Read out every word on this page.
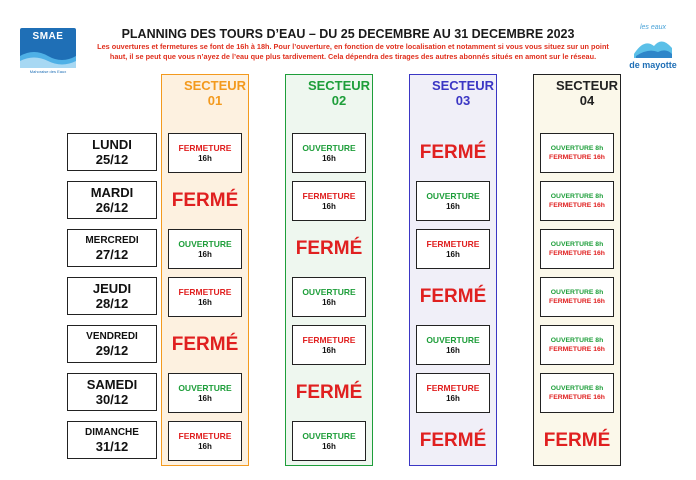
SMAE
Mahoraise des Eaux
les eaux
de mayotte
PLANNING DES TOURS D’EAU – DU 25 DECEMBRE AU 31 DECEMBRE 2023
Les ouvertures et fermetures se font de 16h à 18h. Pour l’ouverture, en fonction de votre localisation et notamment si vous vous situez sur un point haut, il se peut que vous n’ayez de l’eau que plus tardivement. Cela dépendra des tirages des autres abonnés situés en amont sur le réseau.
SECTEUR
01
SECTEUR
02
SECTEUR
03
SECTEUR
04
LUNDI
25/12
MARDI
26/12
MERCREDI
27/12
JEUDI
28/12
VENDREDI
29/12
SAMEDI
30/12
DIMANCHE
31/12
FERMETURE
16h
FERMÉ
OUVERTURE
16h
FERMETURE
16h
FERMÉ
OUVERTURE
16h
FERMETURE
16h
OUVERTURE
16h
FERMETURE
16h
FERMÉ
OUVERTURE
16h
FERMETURE
16h
FERMÉ
OUVERTURE
16h
FERMÉ
OUVERTURE
16h
FERMETURE
16h
FERMÉ
OUVERTURE
16h
FERMETURE
16h
FERMÉ
OUVERTURE 8h
FERMETURE 16h
OUVERTURE 8h
FERMETURE 16h
OUVERTURE 8h
FERMETURE 16h
OUVERTURE 8h
FERMETURE 16h
OUVERTURE 8h
FERMETURE 16h
OUVERTURE 8h
FERMETURE 16h
FERMÉ
